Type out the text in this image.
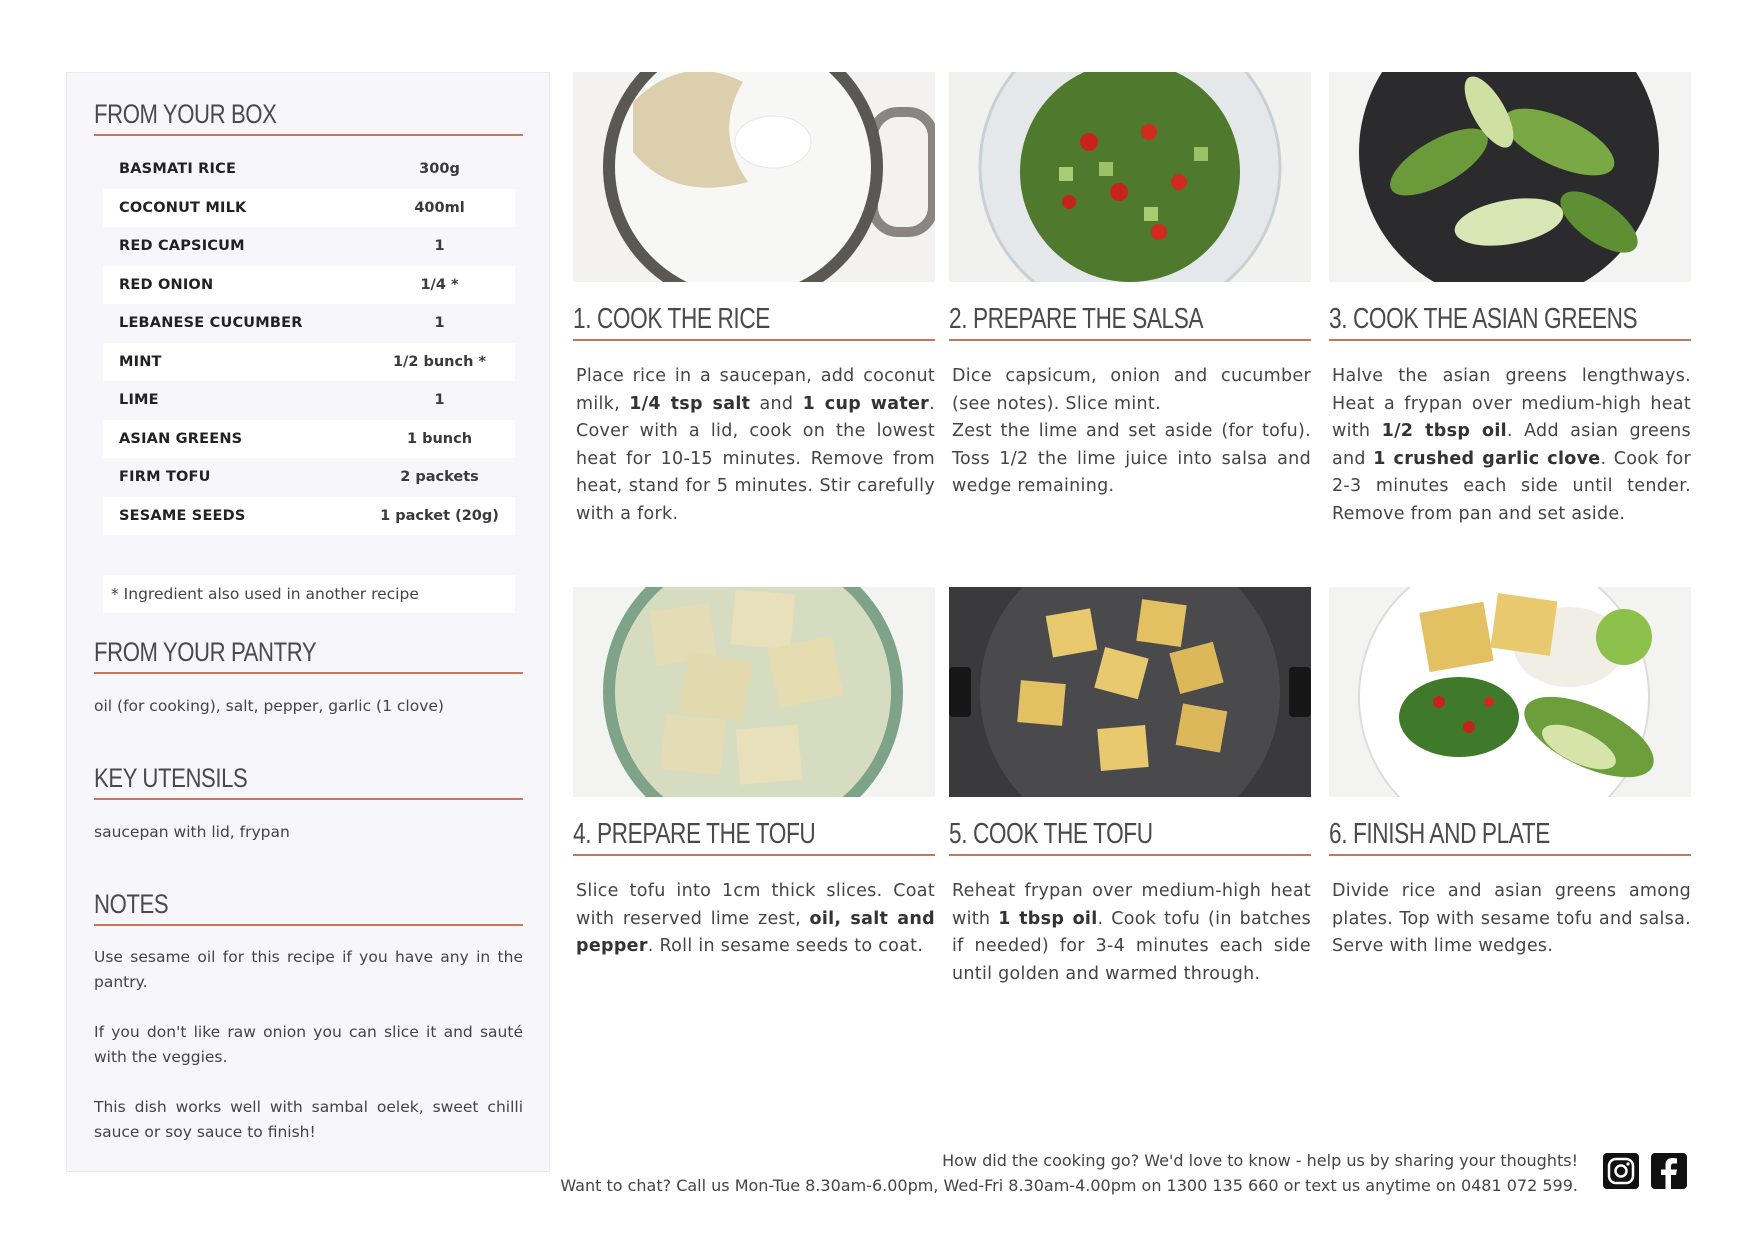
FROM YOUR BOX
BASMATI RICE	300g
COCONUT MILK	400ml
RED CAPSICUM	1
RED ONION	1/4 *
LEBANESE CUCUMBER	1
MINT	1/2 bunch *
LIME	1
ASIAN GREENS	1 bunch
FIRM TOFU	2 packets
SESAME SEEDS	1 packet (20g)
* Ingredient also used in another recipe
FROM YOUR PANTRY
oil (for cooking), salt, pepper, garlic (1 clove)
KEY UTENSILS
saucepan with lid, frypan
NOTES

Use sesame oil for this recipe if you have any in the pantry.

If you don't like raw onion you can slice it and sauté with the veggies.

This dish works well with sambal oelek, sweet chilli sauce or soy sauce to finish!

1. COOK THE RICE
Place rice in a saucepan, add coconut milk, 1/4 tsp salt and 1 cup water. Cover with a lid, cook on the lowest heat for 10-15 minutes. Remove from heat, stand for 5 minutes. Stir carefully with a fork.
2. PREPARE THE SALSA
Dice capsicum, onion and cucumber (see notes). Slice mint.
Zest the lime and set aside (for tofu). Toss 1/2 the lime juice into salsa and wedge remaining.
3. COOK THE ASIAN GREENS
Halve the asian greens lengthways. Heat a frypan over medium-high heat with 1/2 tbsp oil. Add asian greens and 1 crushed garlic clove. Cook for 2-3 minutes each side until tender. Remove from pan and set aside.
4. PREPARE THE TOFU
Slice tofu into 1cm thick slices. Coat with reserved lime zest, oil, salt and pepper. Roll in sesame seeds to coat.
5. COOK THE TOFU
Reheat frypan over medium-high heat with 1 tbsp oil. Cook tofu (in batches if needed) for 3-4 minutes each side until golden and warmed through.
6. FINISH AND PLATE
Divide rice and asian greens among plates. Top with sesame tofu and salsa. Serve with lime wedges.
How did the cooking go? We'd love to know - help us by sharing your thoughts!
Want to chat? Call us Mon-Tue 8.30am-6.00pm, Wed-Fri 8.30am-4.00pm on 1300 135 660 or text us anytime on 0481 072 599.
